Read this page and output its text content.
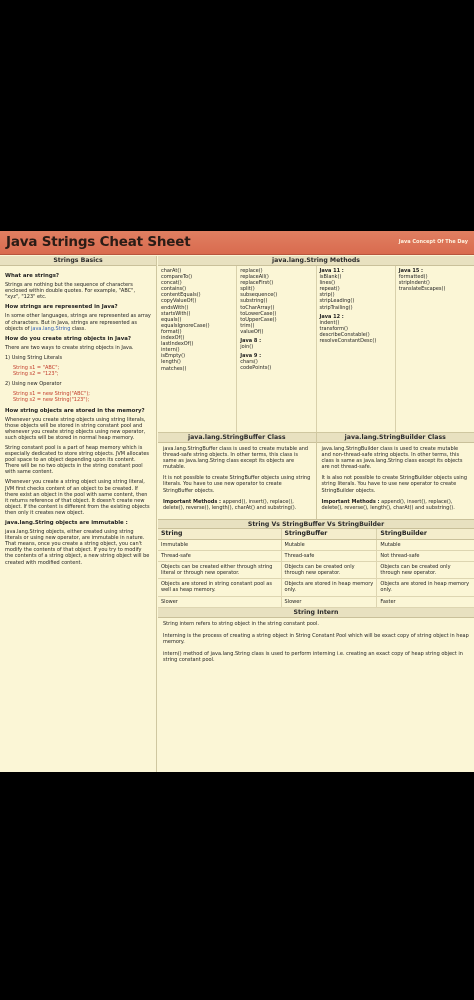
Java Strings Cheat Sheet	Java Concept Of The Day
Strings Basics
What are strings?
Strings are nothing but the sequence of characters enclosed within double quotes. For example, "ABC", "xyz", "123" etc.
How strings are represented in Java?
In some other languages, strings are represented as array of characters. But in Java, strings are represented as objects of java.lang.String class.
How do you create string objects in Java?
There are two ways to create string objects in Java.
1) Using String Literals
String s1 = "ABC";
String s2 = "123";
2) Using new Operator
String s1 = new String("ABC");
String s2 = new String("123");
How string objects are stored in the memory?
Whenever you create string objects using string literals, those objects will be stored in string constant pool and whenever you create string objects using new operator, such objects will be stored in normal heap memory.
String constant pool is a part of heap memory which is especially dedicated to store string objects. JVM allocates pool space to an object depending upon its content. There will be no two objects in the string constant pool with same content.
Whenever you create a string object using string literal, JVM first checks content of an object to be created. If there exist an object in the pool with same content, then it returns reference of that object. It doesn't create new object. If the content is different from the existing objects then only it creates new object.
java.lang.String objects are immutable :
java.lang.String objects, either created using string literals or using new operator, are immutable in nature. That means, once you create a string object, you can't modify the contents of that object. If you try to modify the contents of a string object, a new string object will be created with modified content.
java.lang.String Methods
charAt()
compareTo()
concat()
contains()
contentEquals()
copyValueOf()
endsWith()
startsWith()
equals()
equalsIgnoreCase()
format()
indexOf()
lastIndexOf()
intern()
isEmpty()
length()
matches()
replace()
replaceAll()
replaceFirst()
split()
subsequence()
substring()
toCharArray()
toLowerCase()
toUpperCase()
trim()
valueOf()
Java 8 :
join()
Java 9 :
chars()
codePoints()
Java 11 :
isBlank()
lines()
repeat()
strip()
stripLeading()
stripTrailing()
Java 12 :
indent()
transform()
describeConstable()
resolveConstantDesc()
Java 15 :
formatted()
stripIndent()
translateEscapes()
java.lang.StringBuffer Class
java.lang.StringBuffer class is used to create mutable and thread-safe string objects. In other terms, this class is same as java.lang.String class except its objects are mutable.
It is not possible to create StringBuffer objects using string literals. You have to use new operator to create StringBuffer objects.
Important Methods : append(), insert(), replace(), delete(), reverse(), length(), charAt() and substring().
java.lang.StringBuilder Class
java.lang.StringBuilder class is used to create mutable and non-thread-safe string objects. In other terms, this class is same as java.lang.String class except its objects are not thread-safe.
It is also not possible to create StringBuilder objects using string literals. You have to use new operator to create StringBuilder objects.
Important Methods : append(), insert(), replace(), delete(), reverse(), length(), charAt() and substring().
String Vs StringBuffer Vs StringBuilder
String	StringBuffer	StringBuilder
Immutable	Mutable	Mutable
Thread-safe	Thread-safe	Not thread-safe
Objects can be created either through string literal or through new operator.	Objects can be created only through new operator.	Objects can be created only through new operator.
Objects are stored in string constant pool as well as heap memory.	Objects are stored in heap memory only.	Objects are stored in heap memory only.
Slower	Slower	Faster
String Intern
String intern refers to string object in the string constant pool.
Interning is the process of creating a string object in String Constant Pool which will be exact copy of string object in heap memory.
intern() method of java.lang.String class is used to perform interning i.e. creating an exact copy of heap string object in string constant pool.
